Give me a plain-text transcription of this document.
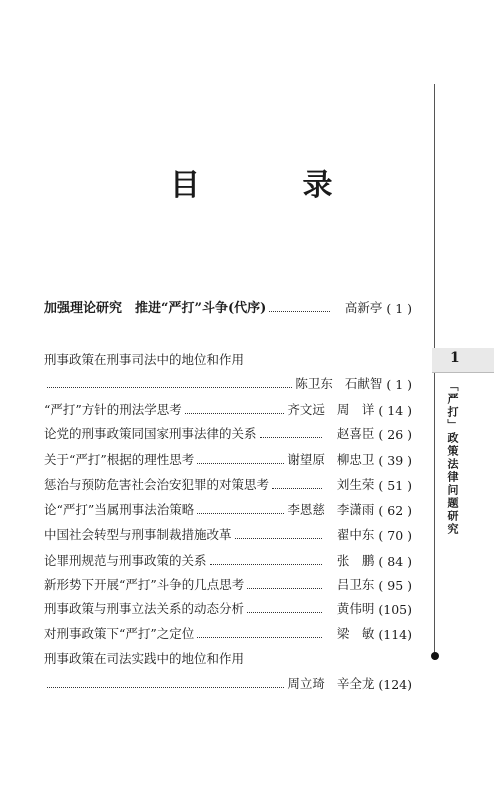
目 录
加强理论研究　推进“严打”斗争(代序)	高新亭 ( 1 )
刑事政策在刑事司法中的地位和作用
陈卫东 石献智 ( 1 )
“严打”方针的刑法学思考	齐文远 周　详 ( 14 )
论党的刑事政策同国家刑事法律的关系	赵喜臣 ( 26 )
关于“严打”根据的理性思考	谢望原 柳忠卫 ( 39 )
惩治与预防危害社会治安犯罪的对策思考	刘生荣 ( 51 )
论“严打”当属刑事法治策略	李恩慈 李潇雨 ( 62 )
中国社会转型与刑事制裁措施改革	翟中东 ( 70 )
论罪刑规范与刑事政策的关系	张　鹏 ( 84 )
新形势下开展“严打”斗争的几点思考	吕卫东 ( 95 )
刑事政策与刑事立法关系的动态分析	黄伟明 (105)
对刑事政策下“严打”之定位	梁　敏 (114)
刑事政策在司法实践中的地位和作用
周立琦 辛全龙 (124)
1
「严打」政策法律问题研究
